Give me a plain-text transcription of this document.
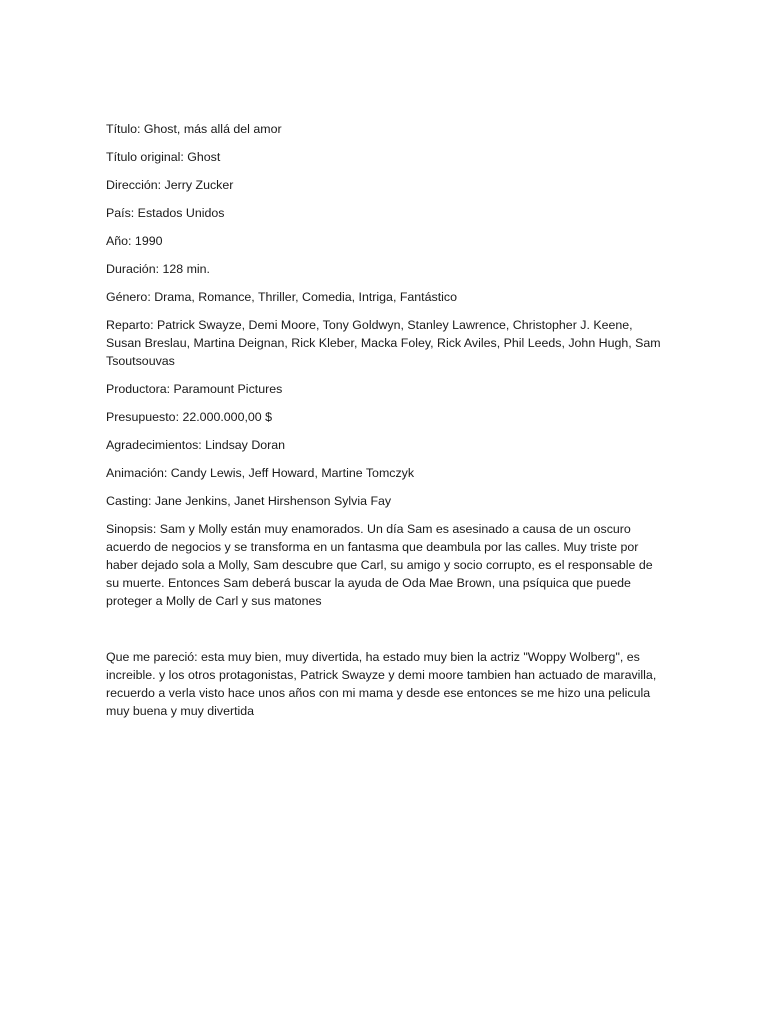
Título: Ghost, más allá del amor

Título original: Ghost

Dirección: Jerry Zucker

País: Estados Unidos

Año: 1990

Duración: 128 min.

Género: Drama, Romance, Thriller, Comedia, Intriga, Fantástico

Reparto: Patrick Swayze, Demi Moore, Tony Goldwyn, Stanley Lawrence, Christopher J. Keene, Susan Breslau, Martina Deignan, Rick Kleber, Macka Foley, Rick Aviles, Phil Leeds, John Hugh, Sam Tsoutsouvas

Productora: Paramount Pictures

Presupuesto: 22.000.000,00 $

Agradecimientos: Lindsay Doran

Animación: Candy Lewis, Jeff Howard, Martine Tomczyk

Casting: Jane Jenkins, Janet Hirshenson Sylvia Fay

Sinopsis: Sam y Molly están muy enamorados. Un día Sam es asesinado a causa de un oscuro acuerdo de negocios y se transforma en un fantasma que deambula por las calles. Muy triste por haber dejado sola a Molly, Sam descubre que Carl, su amigo y socio corrupto, es el responsable de su muerte. Entonces Sam deberá buscar la ayuda de Oda Mae Brown, una psíquica que puede proteger a Molly de Carl y sus matones

Que me pareció: esta muy bien, muy divertida, ha estado muy bien la actriz "Woppy Wolberg", es increible. y los otros protagonistas, Patrick Swayze y demi moore tambien han actuado de maravilla, recuerdo a verla visto hace unos años con mi mama y desde ese entonces se me hizo una pelicula muy buena y muy divertida
